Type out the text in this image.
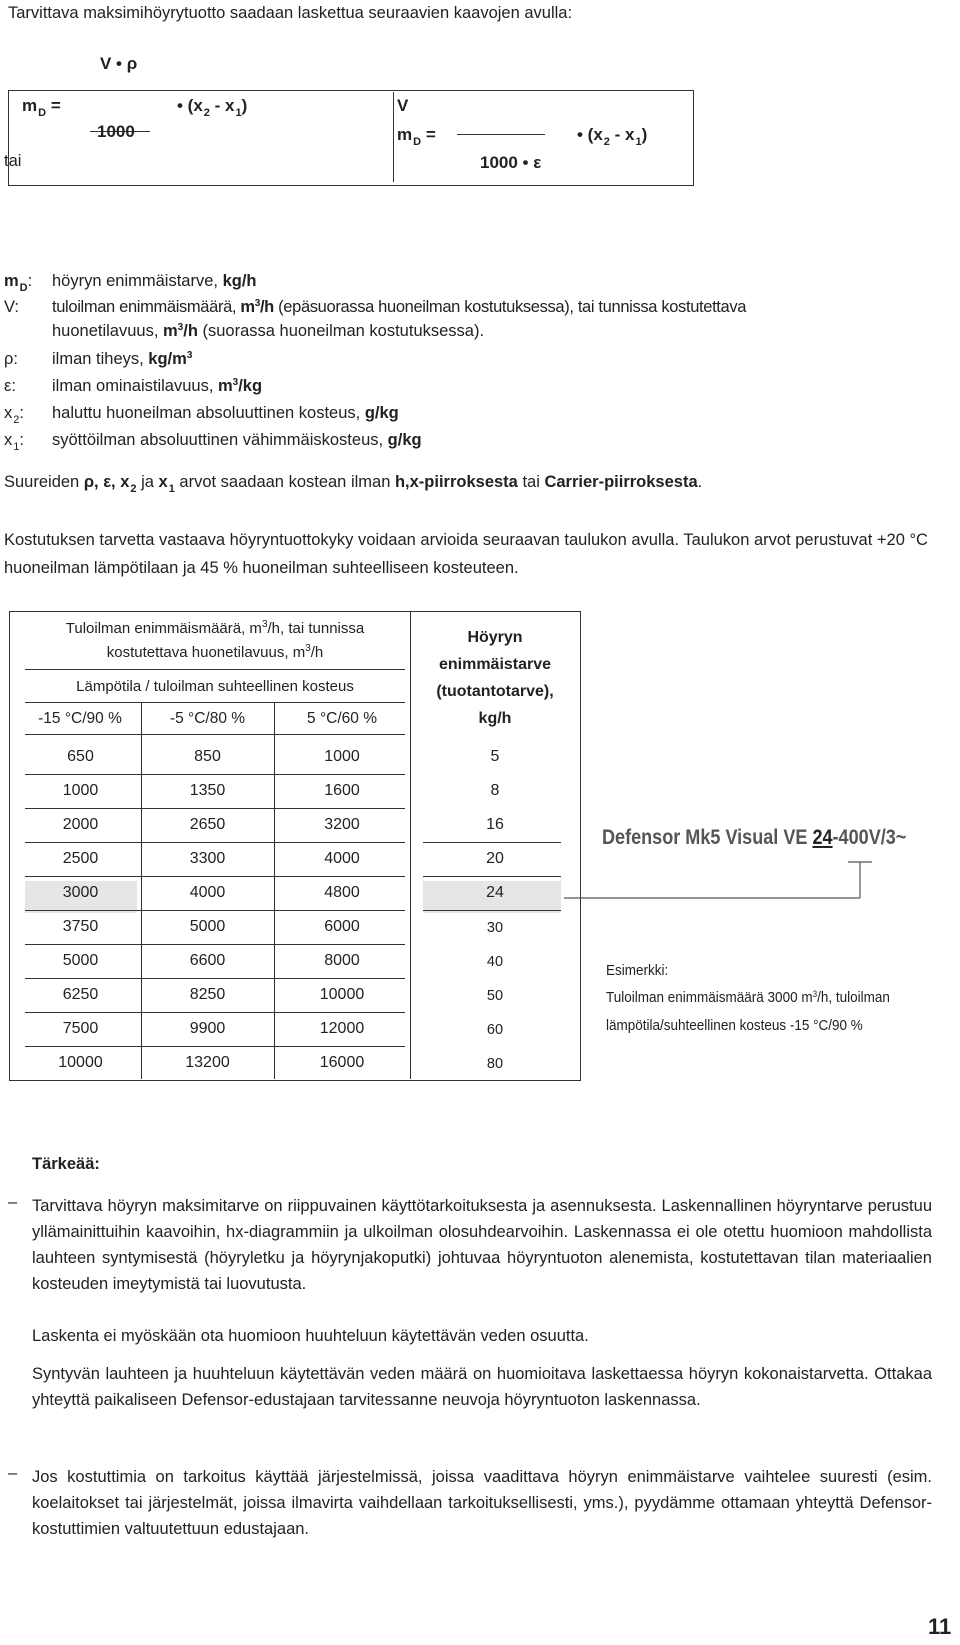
Tarvittava maksimihöyrytuotto saadaan laskettua seuraavien kaavojen avulla:
V • ρ
$m_D$ =	• $(x_2 - x_1)$
1000
tai
V
$m_D$ =	• $(x_2 - x_1)$
1000 • ε
$m_D$: höyryn enimmäistarve, kg/h
V: tuloilman enimmäismäärä, $m^3/h$ (epäsuorassa huoneilman kostutuksessa), tai tunnissa kostutettava
huonetilavuus, $m^3/h$ (suorassa huoneilman kostutuksessa).
ρ: ilman tiheys, $kg/m^3$
ε: ilman ominaistilavuus, $m^3/kg$
$x_2$: haluttu huoneilman absoluuttinen kosteus, g/kg
$x_1$: syöttöilman absoluuttinen vähimmäiskosteus, g/kg
Suureiden ρ, ε, $x_2$ ja $x_1$ arvot saadaan kostean ilman h,x-piirroksesta tai Carrier-piirroksesta.
Kostutuksen tarvetta vastaava höyryntuottokyky voidaan arvioida seuraavan taulukon avulla. Taulukon arvot perustuvat +20 °C huoneilman lämpötilaan ja 45 % huoneilman suhteelliseen kosteuteen.
Tuloilman enimmäismäärä, $m^3/h$, tai tunnissa
kostutettava huonetilavuus, $m^3/h$
Lämpötila / tuloilman suhteellinen kosteus
-15 °C/90 %	-5 °C/80 %	5 °C/60 %
Höyryn
enimmäistarve
(tuotantotarve),
kg/h
650	850	1000	5
1000	1350	1600	8
2000	2650	3200	16
2500	3300	4000	20
3000	4000	4800	24
3750	5000	6000	30
5000	6600	8000	40
6250	8250	10000	50
7500	9900	12000	60
10000	13200	16000	80
Defensor Mk5 Visual VE 24-400V/3~
Esimerkki:
Tuloilman enimmäismäärä 3000 $m^3/h$, tuloilman
lämpötila/suhteellinen kosteus -15 °C/90 %
Tärkeää:
– Tarvittava höyryn maksimitarve on riippuvainen käyttötarkoituksesta ja asennuksesta. Laskennallinen höyryntarve perustuu yllämainittuihin kaavoihin, hx-diagrammiin ja ulkoilman olosuhdearvoihin. Laskennassa ei ole otettu huomioon mahdollista lauhteen syntymisestä (höyryletku ja höyrynjakoputki) johtuvaa höyryntuoton alenemista, kostutettavan tilan materiaalien kosteuden imeytymistä tai luovutusta.
Laskenta ei myöskään ota huomioon huuhteluun käytettävän veden osuutta.
Syntyvän lauhteen ja huuhteluun käytettävän veden määrä on huomioitava laskettaessa höyryn kokonaistarvetta. Ottakaa yhteyttä paikaliseen Defensor-edustajaan tarvitessanne neuvoja höyryntuoton laskennassa.
– Jos kostuttimia on tarkoitus käyttää järjestelmissä, joissa vaadittava höyryn enimmäistarve vaihtelee suuresti (esim. koelaitokset tai järjestelmät, joissa ilmavirta vaihdellaan tarkoituksellisesti, yms.), pyydämme ottamaan yhteyttä Defensor-kostuttimien valtuutettuun edustajaan.
11
